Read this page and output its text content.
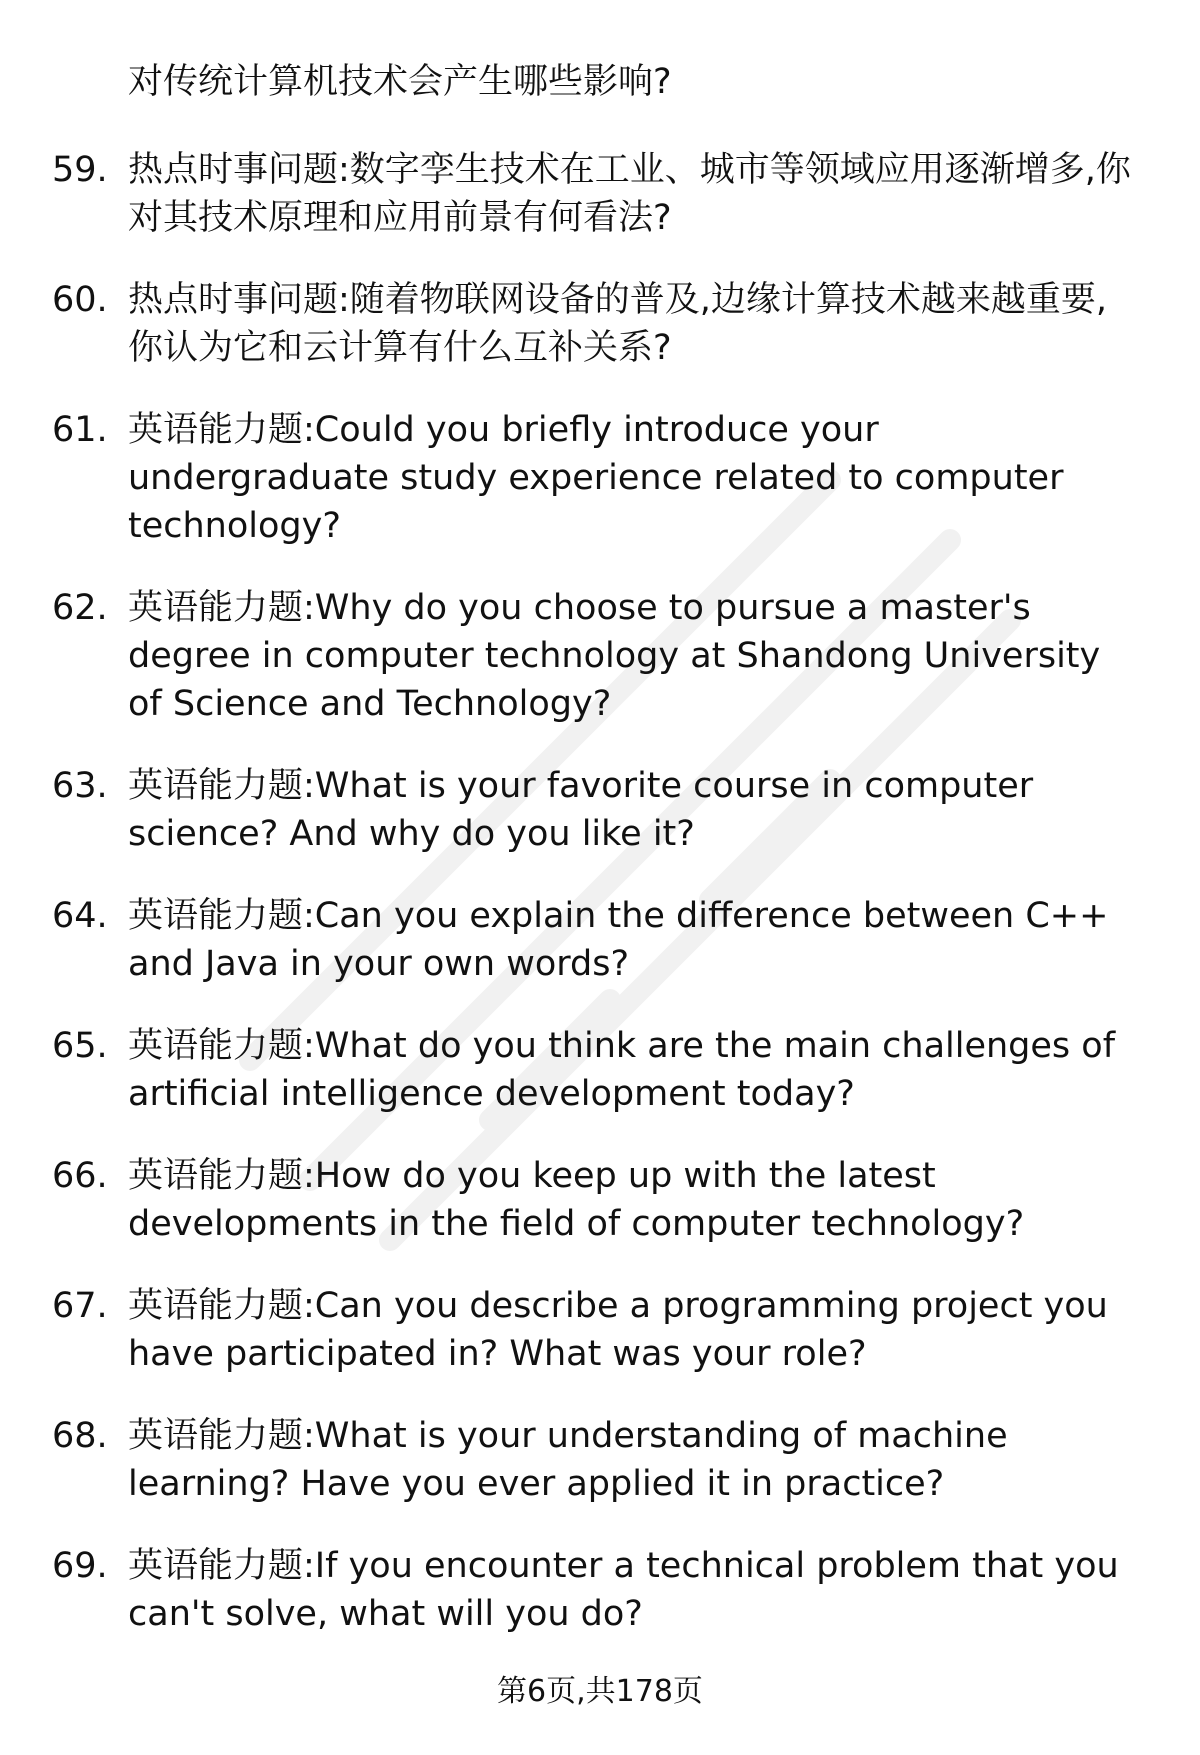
对传统计算机技术会产生哪些影响?
59. 热点时事问题:数字孪生技术在工业、城市等领域应用逐渐增多,你对其技术原理和应用前景有何看法?
60. 热点时事问题:随着物联网设备的普及,边缘计算技术越来越重要,你认为它和云计算有什么互补关系?
61. 英语能力题:Could you briefly introduce your undergraduate study experience related to computer technology?
62. 英语能力题:Why do you choose to pursue a master's degree in computer technology at Shandong University of Science and Technology?
63. 英语能力题:What is your favorite course in computer science? And why do you like it?
64. 英语能力题:Can you explain the difference between C++ and Java in your own words?
65. 英语能力题:What do you think are the main challenges of artificial intelligence development today?
66. 英语能力题:How do you keep up with the latest developments in the field of computer technology?
67. 英语能力题:Can you describe a programming project you have participated in? What was your role?
68. 英语能力题:What is your understanding of machine learning? Have you ever applied it in practice?
69. 英语能力题:If you encounter a technical problem that you can't solve, what will you do?
第6页,共178页
